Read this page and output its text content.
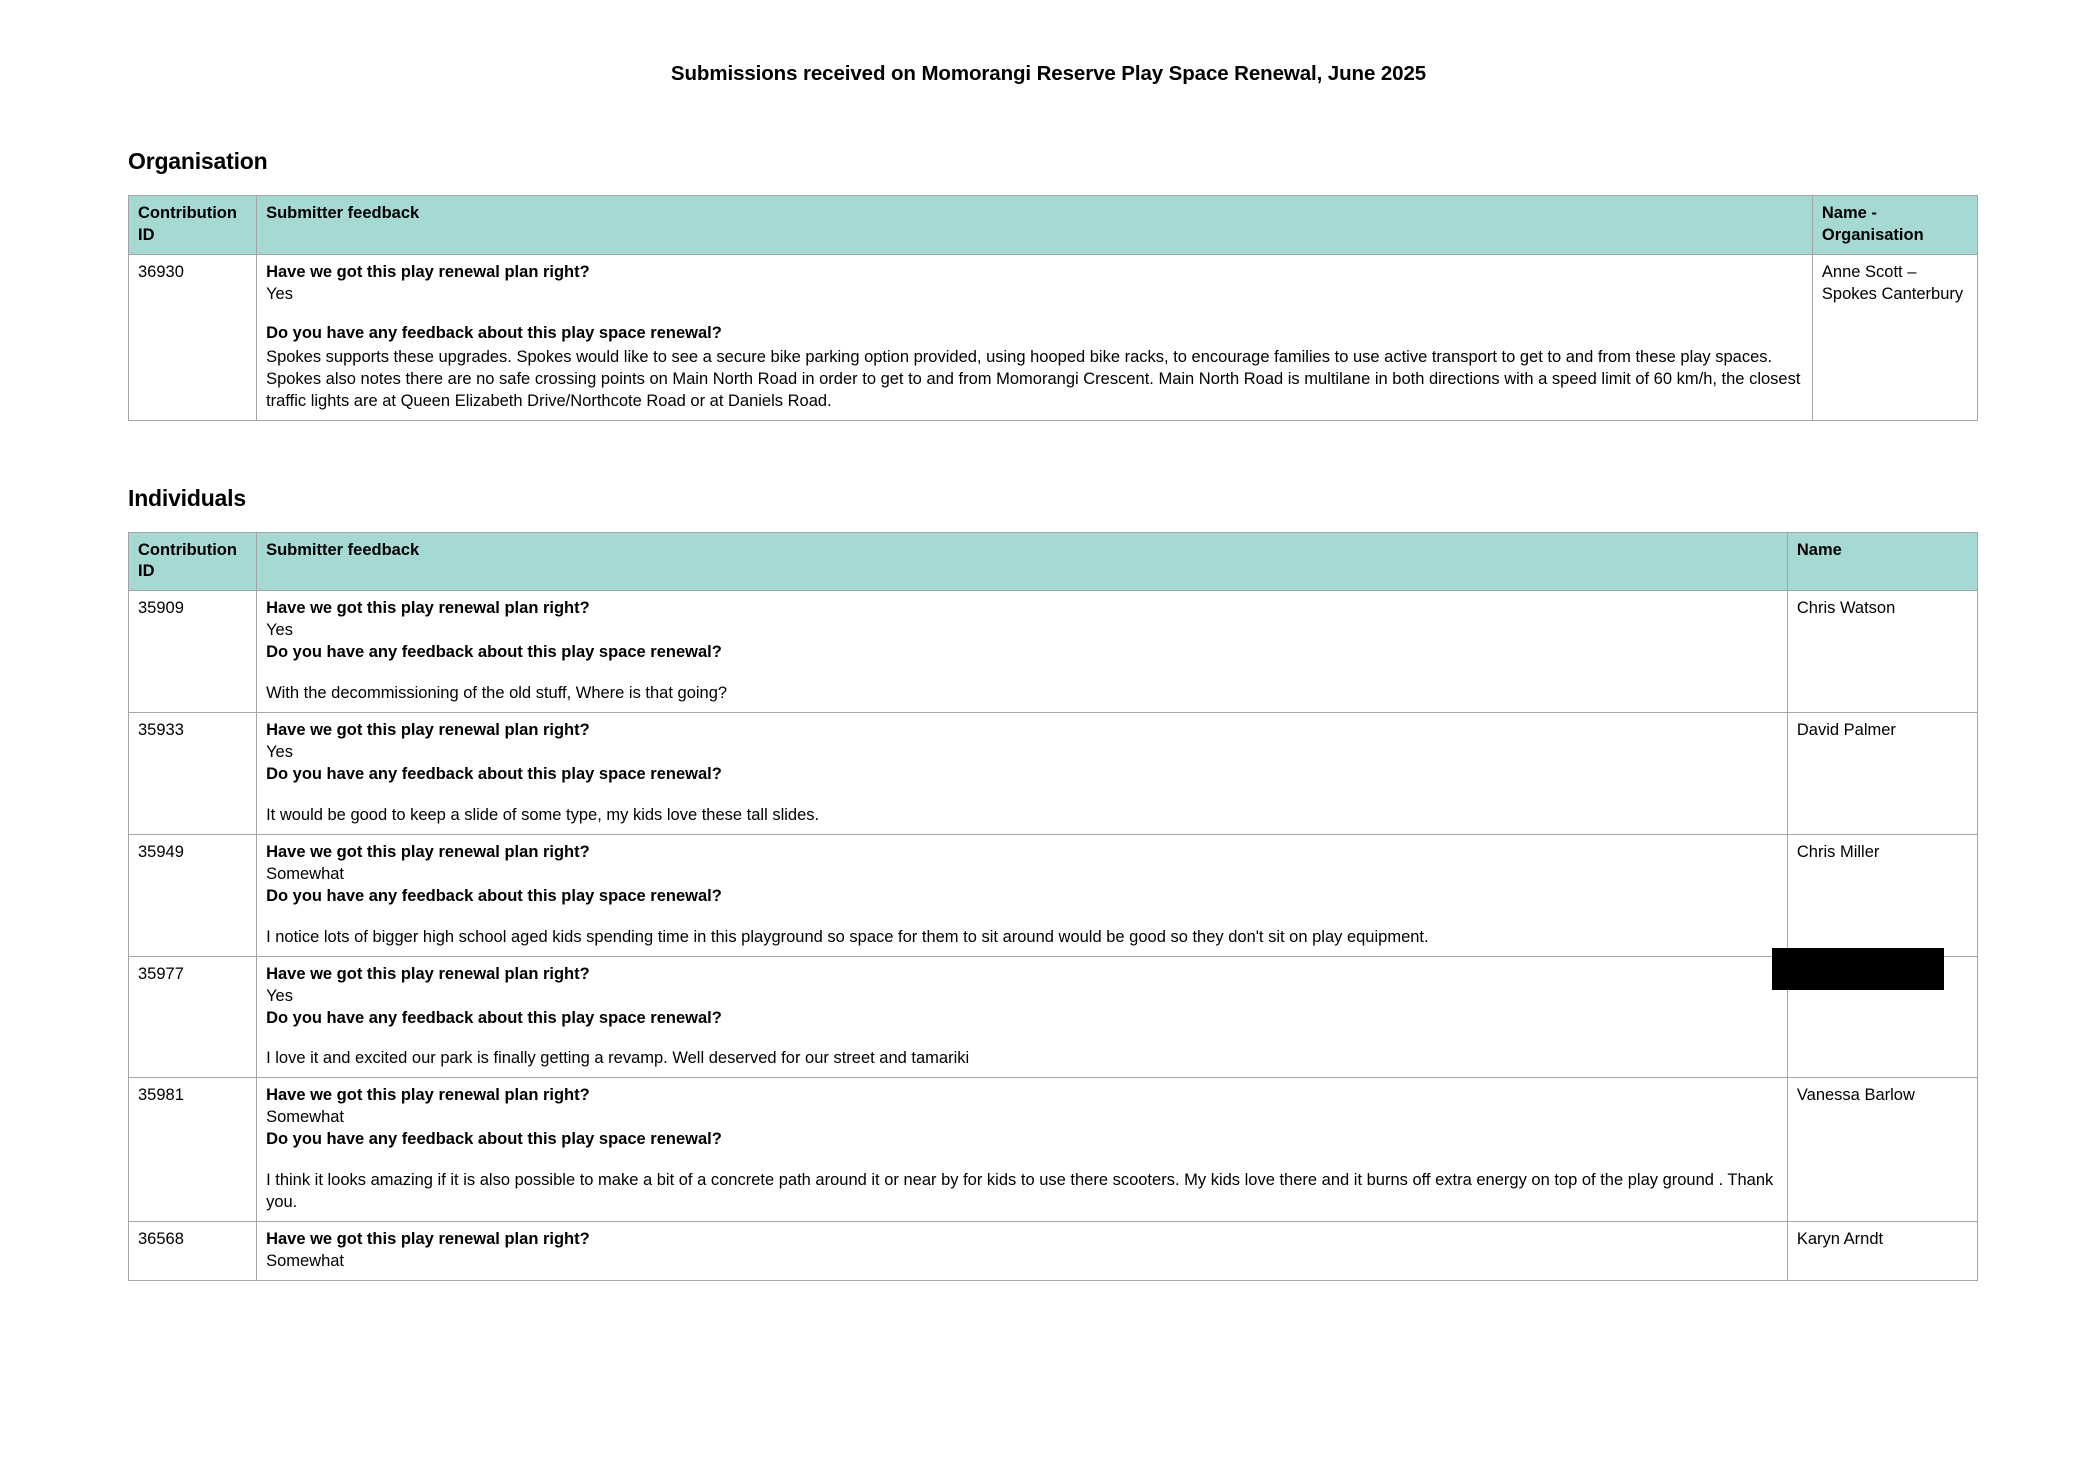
Submissions received on Momorangi Reserve Play Space Renewal, June 2025
Organisation
Contribution ID	Submitter feedback	Name - Organisation
36930	Have we got this play renewal plan right?

Yes

Do you have any feedback about this play space renewal?

Spokes supports these upgrades. Spokes would like to see a secure bike parking option provided, using hooped bike racks, to encourage families to use active transport to get to and from these play spaces. Spokes also notes there are no safe crossing points on Main North Road in order to get to and from Momorangi Crescent. Main North Road is multilane in both directions with a speed limit of 60 km/h, the closest traffic lights are at Queen Elizabeth Drive/Northcote Road or at Daniels Road.	Anne Scott – Spokes Canterbury
Individuals
Contribution ID	Submitter feedback	Name
35909	Have we got this play renewal plan right?

Yes

Do you have any feedback about this play space renewal?

With the decommissioning of the old stuff, Where is that going?	Chris Watson
35933	Have we got this play renewal plan right?

Yes

Do you have any feedback about this play space renewal?

It would be good to keep a slide of some type, my kids love these tall slides.	David Palmer
35949	Have we got this play renewal plan right?

Somewhat

Do you have any feedback about this play space renewal?

I notice lots of bigger high school aged kids spending time in this playground so space for them to sit around would be good so they don't sit on play equipment.	Chris Miller
35977	Have we got this play renewal plan right?

Yes

Do you have any feedback about this play space renewal?

I love it and excited our park is finally getting a revamp. Well deserved for our street and tamariki	

35981	Have we got this play renewal plan right?

Somewhat

Do you have any feedback about this play space renewal?

I think it looks amazing if it is also possible to make a bit of a concrete path around it or near by for kids to use there scooters. My kids love there and it burns off extra energy on top of the play ground . Thank you.	Vanessa Barlow
36568	Have we got this play renewal plan right?

Somewhat	Karyn Arndt
